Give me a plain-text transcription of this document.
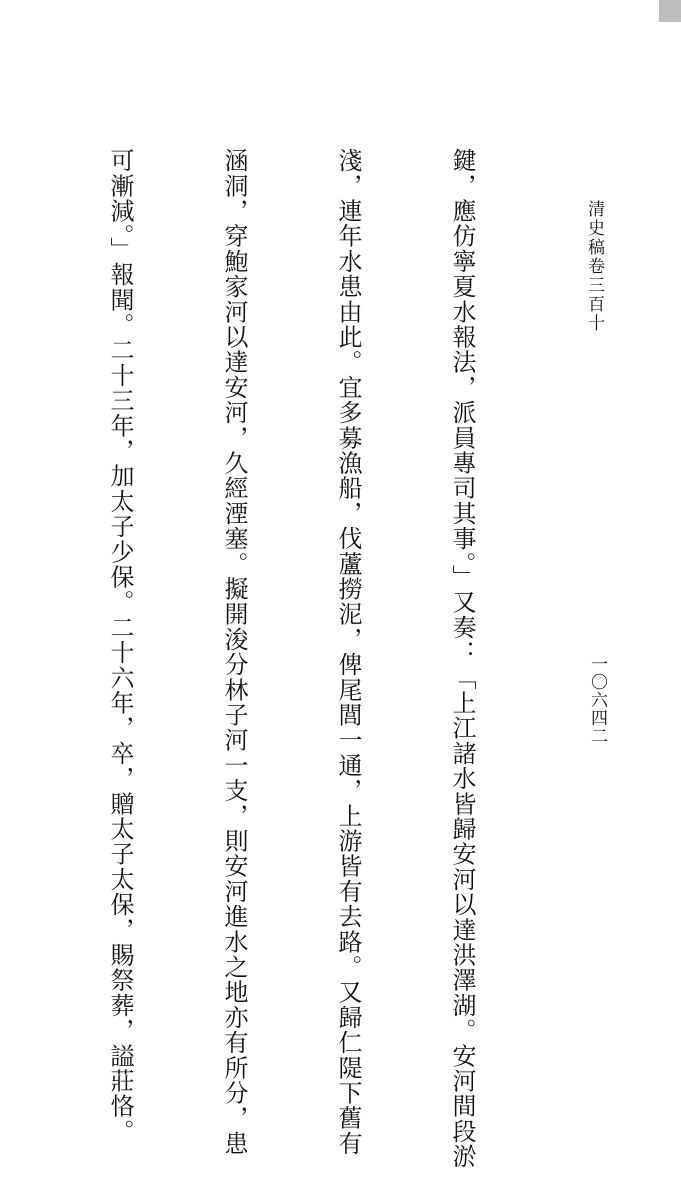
清史稿卷三百十
一〇六四二

鍵，應仿寧夏水報法，派員專司其事。」又奏：「上江諸水皆歸安河以達洪澤湖。安河間段淤

淺，連年水患由此。宜多募漁船，伐蘆撈泥，俾尾閭一通，上游皆有去路。又歸仁隄下舊有

涵洞，穿鮑家河以達安河，久經湮塞。擬開浚分林子河一支，則安河進水之地亦有所分，患

可漸減。」報聞。二十三年，加太子少保。二十六年，卒，贈太子太保，賜祭葬，謚莊恪。
